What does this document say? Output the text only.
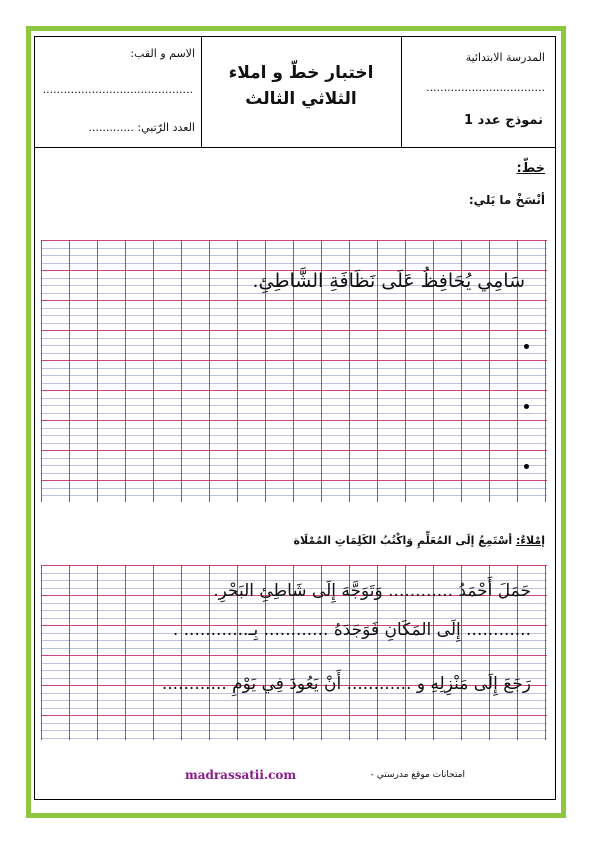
المدرسة الابتدائية
..................................
نموذج عدد 1
اختبار خطّ و املاء
الثلاثي الثالث
الاسم و القب:
...........................................
العدد الرّتبي: .............
خطّ:
أنْسَخْ ما يَلي:
سَامِي يُحَافِظُ عَلَى نَظَافَةِ الشَّاطِئِ.
إمْلاءٌ: أسْتَمِعُ إلَى المُعَلِّمِ وَاكْتُبُ الكَلِمَاتِ المُمْلَاة
حَمَلَ أَحْمَدُ ............ وَتَوَجَّهَ إِلَى شَاطِئِ البَحْرِ.
............ إِلَى المَكَانِ فَوَجَدَهُ ............ بِـ............ .
رَجَعَ إِلَى مَنْزِلِهِ و ............ أَنْ يَعُودَ فِي يَوْمِ ............
madrassatii.com	امتحانات موقع مدرستي -
